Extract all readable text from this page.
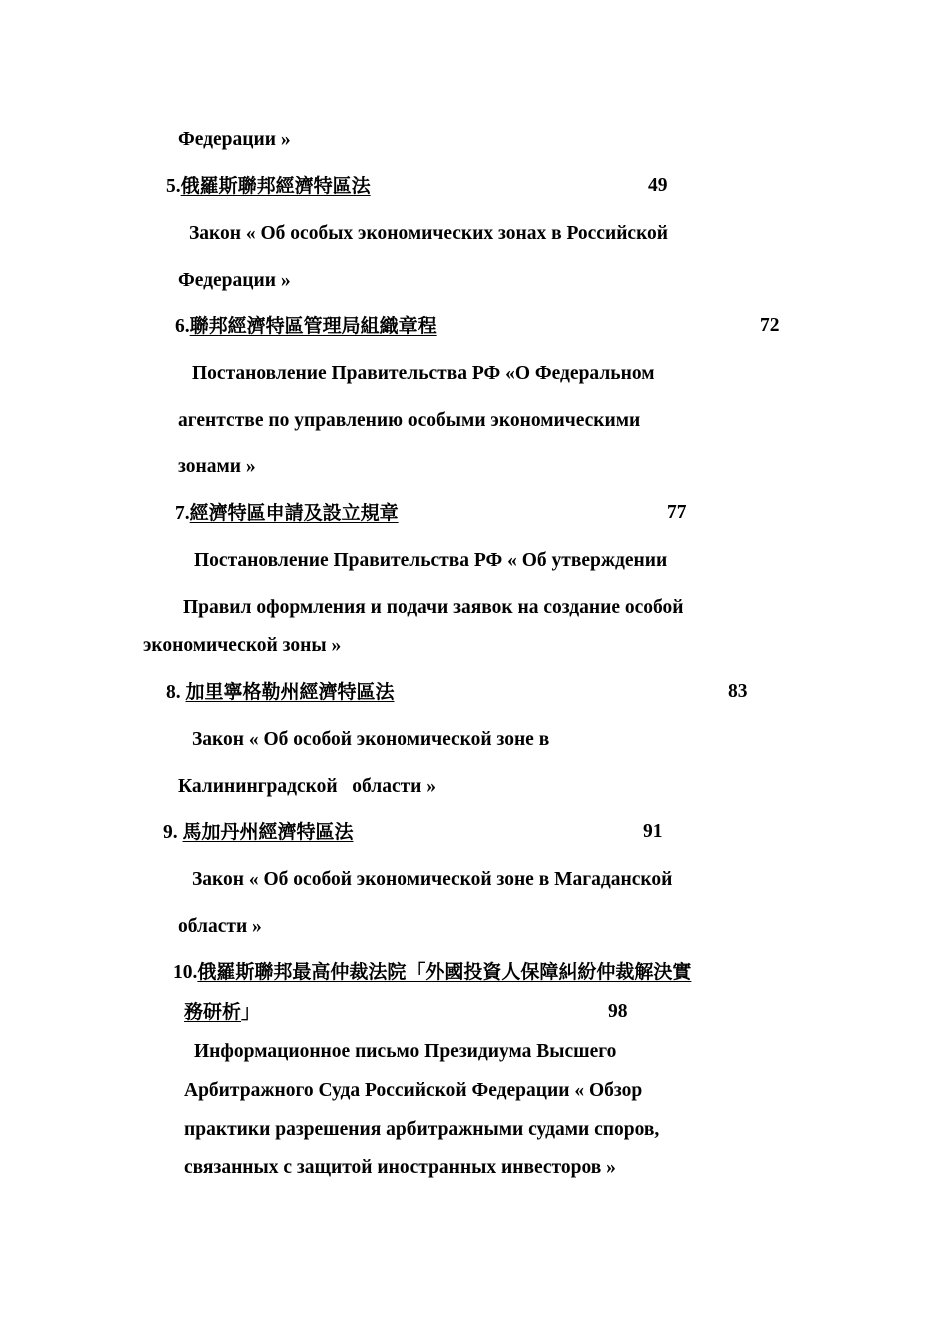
Федерации »
5.俄羅斯聯邦經濟特區法	49
Закон « Об особых экономических зонах в Российской
Федерации »
6.聯邦經濟特區管理局組織章程	72
Постановление Правительства РФ «О Федеральном
агентстве по управлению особыми экономическими
зонами »
7.經濟特區申請及設立規章	77
Постановление Правительства РФ « Об утверждении
Правил оформления и подачи заявок на создание особой
экономической зоны »
8. 加里寧格勒州經濟特區法	83
Закон « Об особой экономической зоне в
Калининградской   области »
9. 馬加丹州經濟特區法	91
Закон « Об особой экономической зоне в Магаданской
области »
10.俄羅斯聯邦最高仲裁法院「外國投資人保障糾紛仲裁解決實
務研析」	98
Информационное письмо Президиума Высшего
Арбитражного Суда Российской Федерации « Обзор
практики разрешения арбитражными судами споров,
связанных с защитой иностранных инвесторов »
